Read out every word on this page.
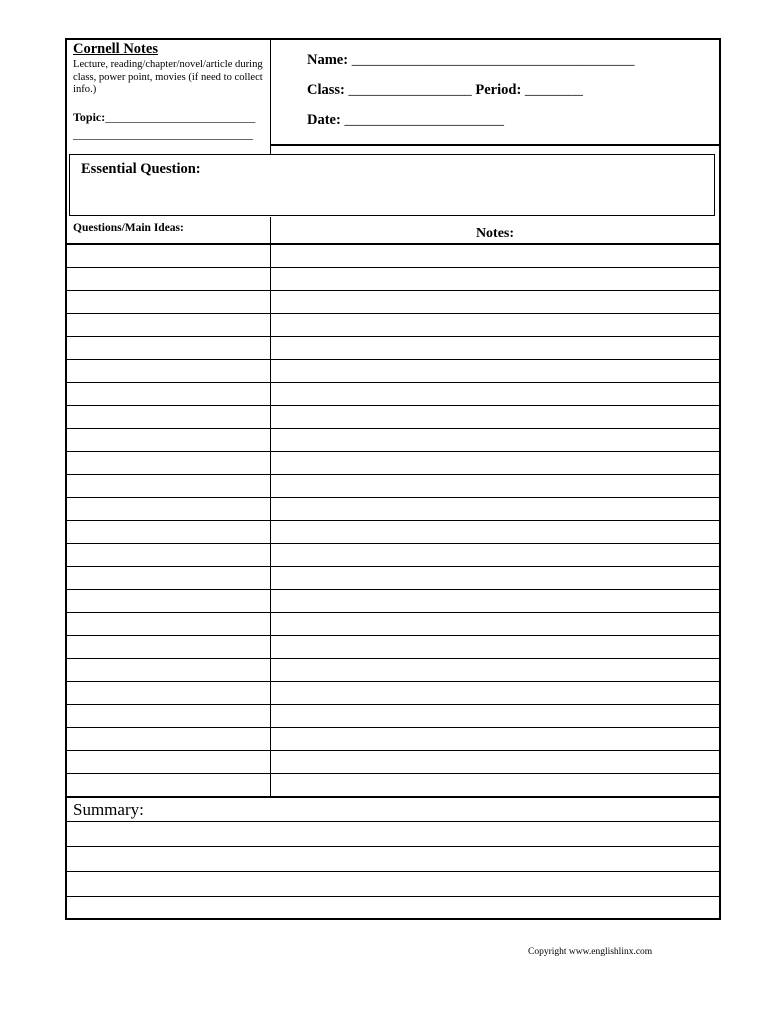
Cornell Notes
Lecture, reading/chapter/novel/article during class, power point, movies (if need to collect info.)
Topic:_________________________
______________________________
Name: _______________________________________
Class: _________________ Period: ________
Date: ______________________
Essential Question:
Questions/Main Ideas:	Notes:
Summary:
Copyright www.englishlinx.com
